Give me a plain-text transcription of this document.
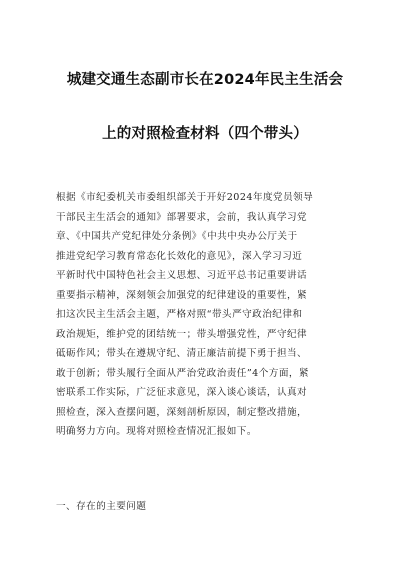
城建交通生态副市长在2024年民主生活会
上的对照检查材料（四个带头）
根据《市纪委机关市委组织部关于开好2024年度党员领导
干部民主生活会的通知》部署要求，会前，我认真学习党
章、《中国共产党纪律处分条例》《中共中央办公厅关于
推进党纪学习教育常态化长效化的意见》，深入学习习近
平新时代中国特色社会主义思想、习近平总书记重要讲话
重要指示精神，深刻领会加强党的纪律建设的重要性，紧
扣这次民主生活会主题，严格对照“带头严守政治纪律和
政治规矩，维护党的团结统一；带头增强党性，严守纪律
砥砺作风；带头在遵规守纪、清正廉洁前提下勇于担当、
敢于创新；带头履行全面从严治党政治责任”4个方面，紧
密联系工作实际，广泛征求意见，深入谈心谈话，认真对
照检查，深入查摆问题，深刻剖析原因，制定整改措施，
明确努力方向。现将对照检查情况汇报如下。
一、存在的主要问题
